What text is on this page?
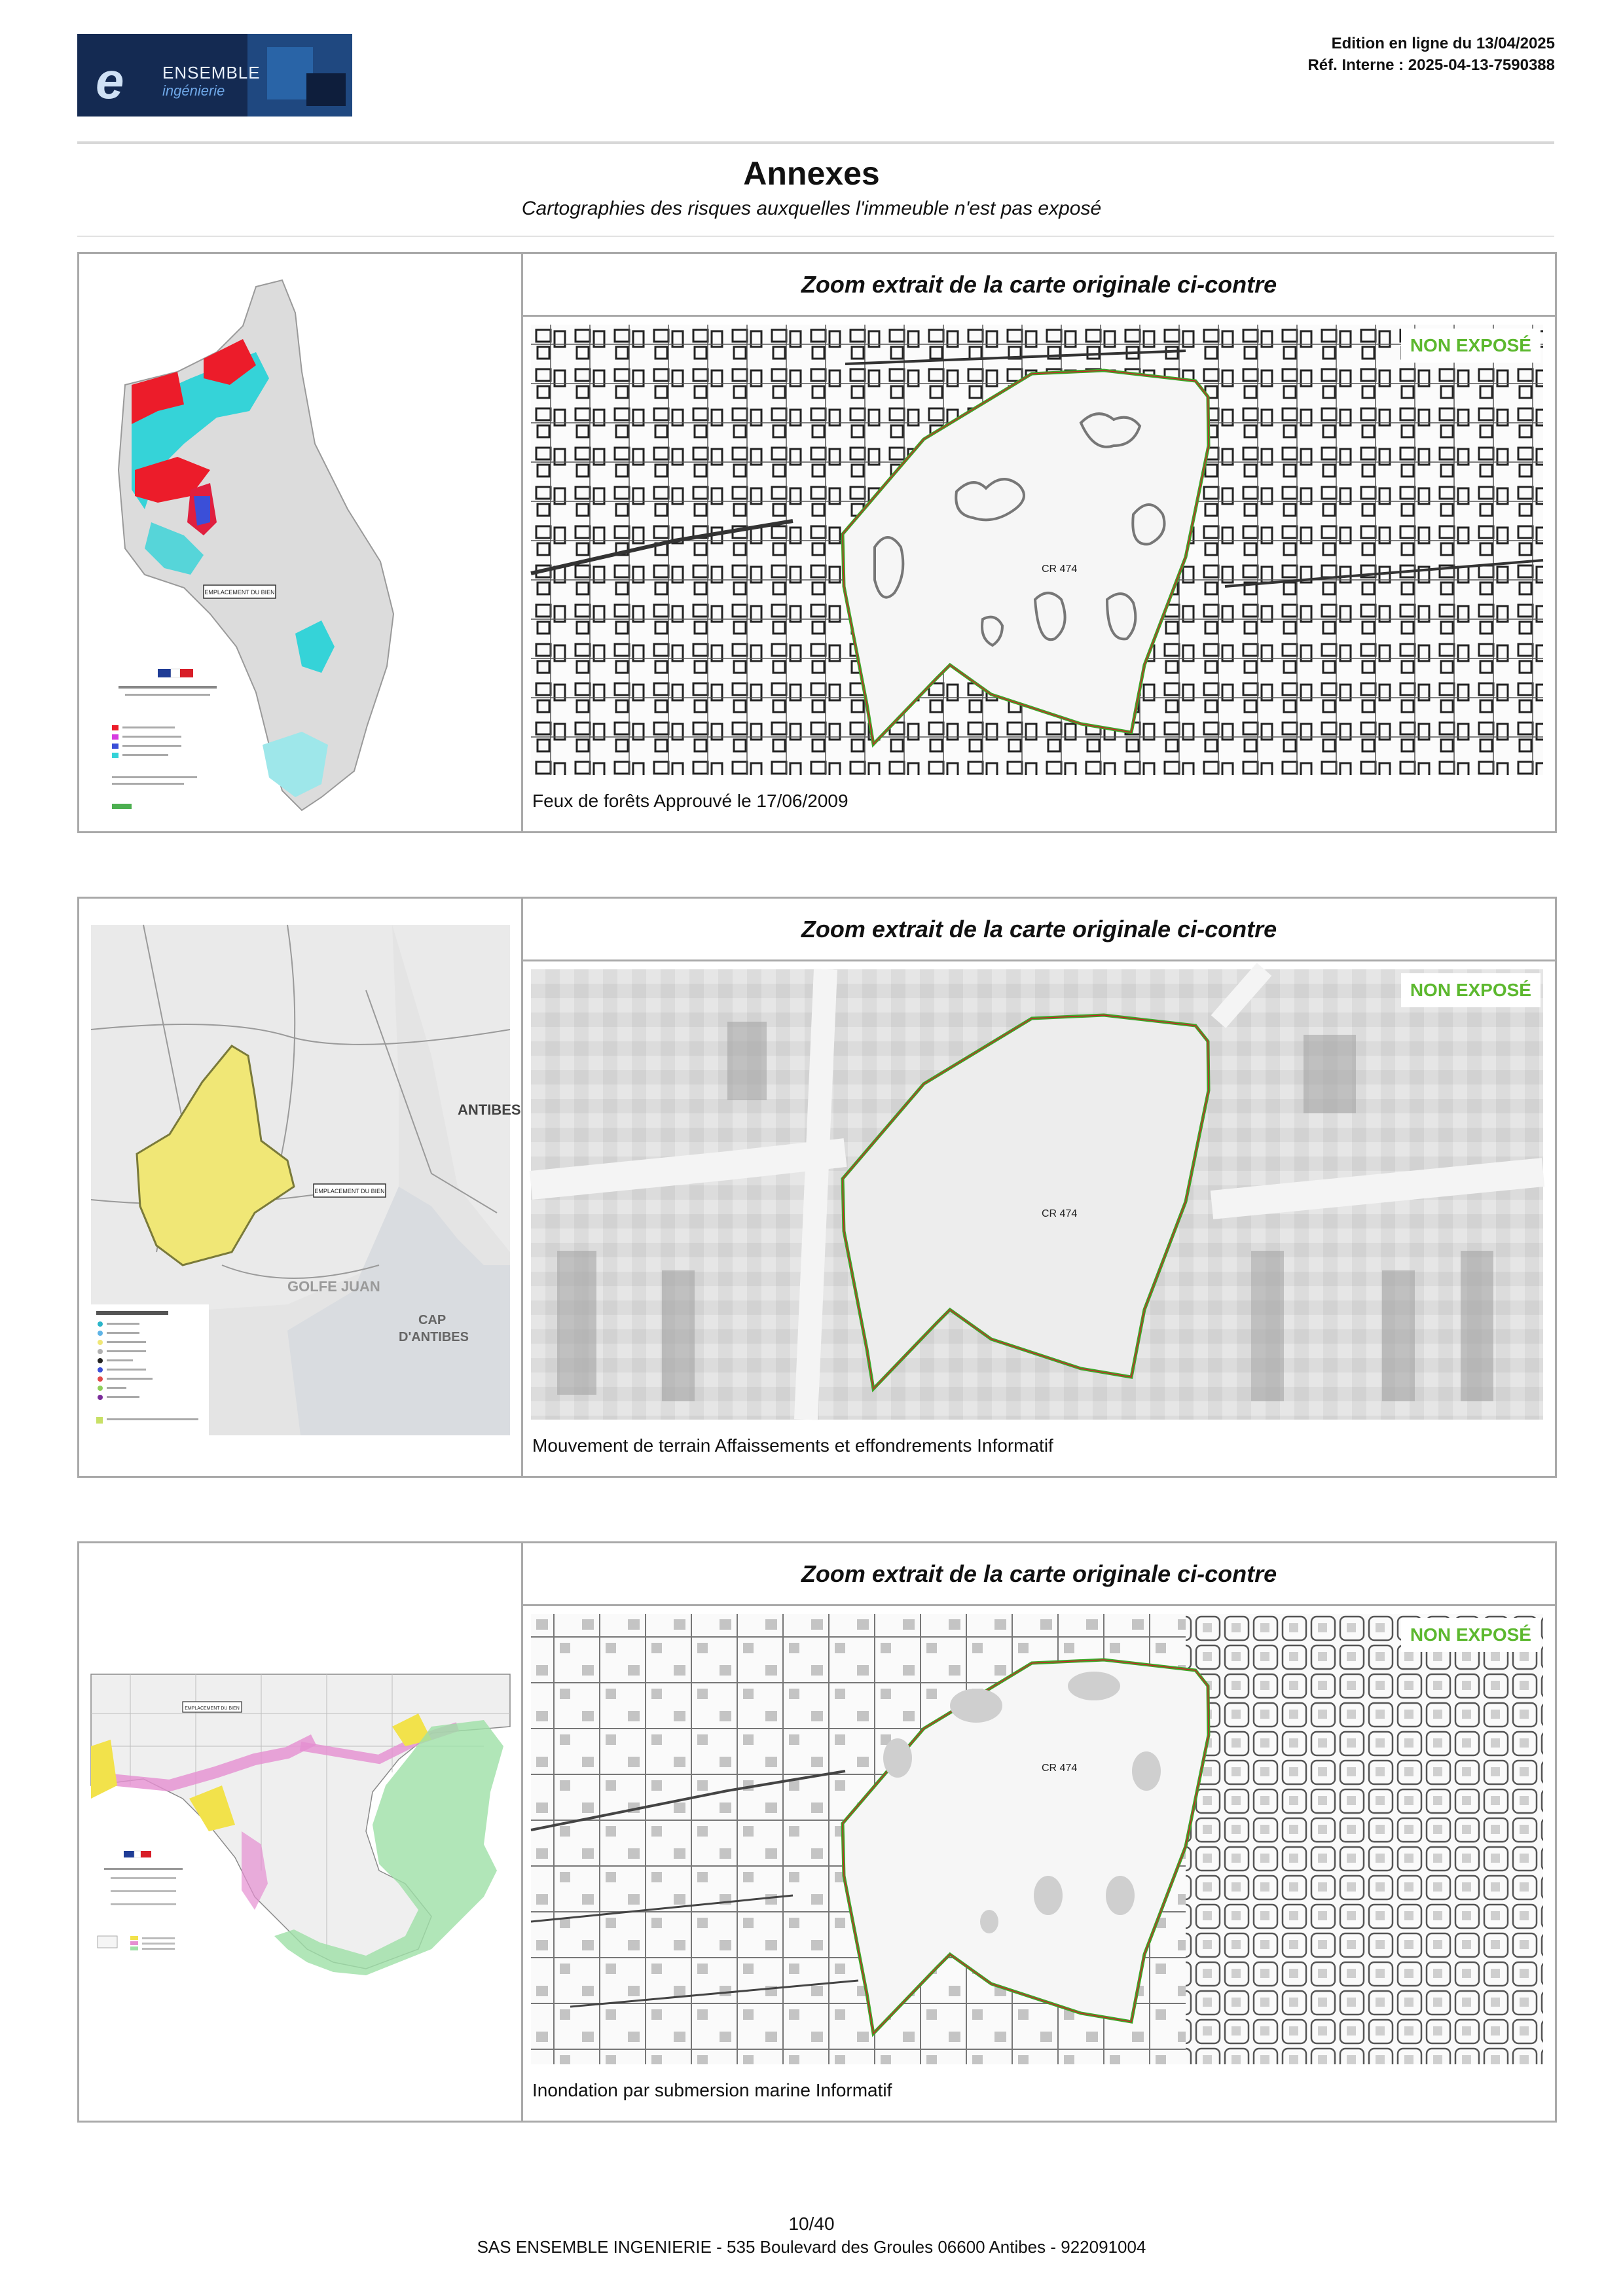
e ENSEMBLE
ingénierie
Edition en ligne du 13/04/2025
Réf. Interne : 2025-04-13-7590388
Annexes
Cartographies des risques auxquelles l'immeuble n'est pas exposé
EMPLACEMENT DU BIEN
Zoom extrait de la carte originale ci-contre
CR 474
NON EXPOSÉ
Feux de forêts Approuvé le 17/06/2009
EMPLACEMENT DU BIEN
ANTIBES
GOLFE JUAN
CAP
D'ANTIBES
Zoom extrait de la carte originale ci-contre
CR 474
NON EXPOSÉ
Mouvement de terrain Affaissements et effondrements Informatif
EMPLACEMENT DU BIEN
Zoom extrait de la carte originale ci-contre
CR 474
NON EXPOSÉ
Inondation par submersion marine Informatif
10/40
SAS ENSEMBLE INGENIERIE - 535 Boulevard des Groules 06600 Antibes - 922091004
